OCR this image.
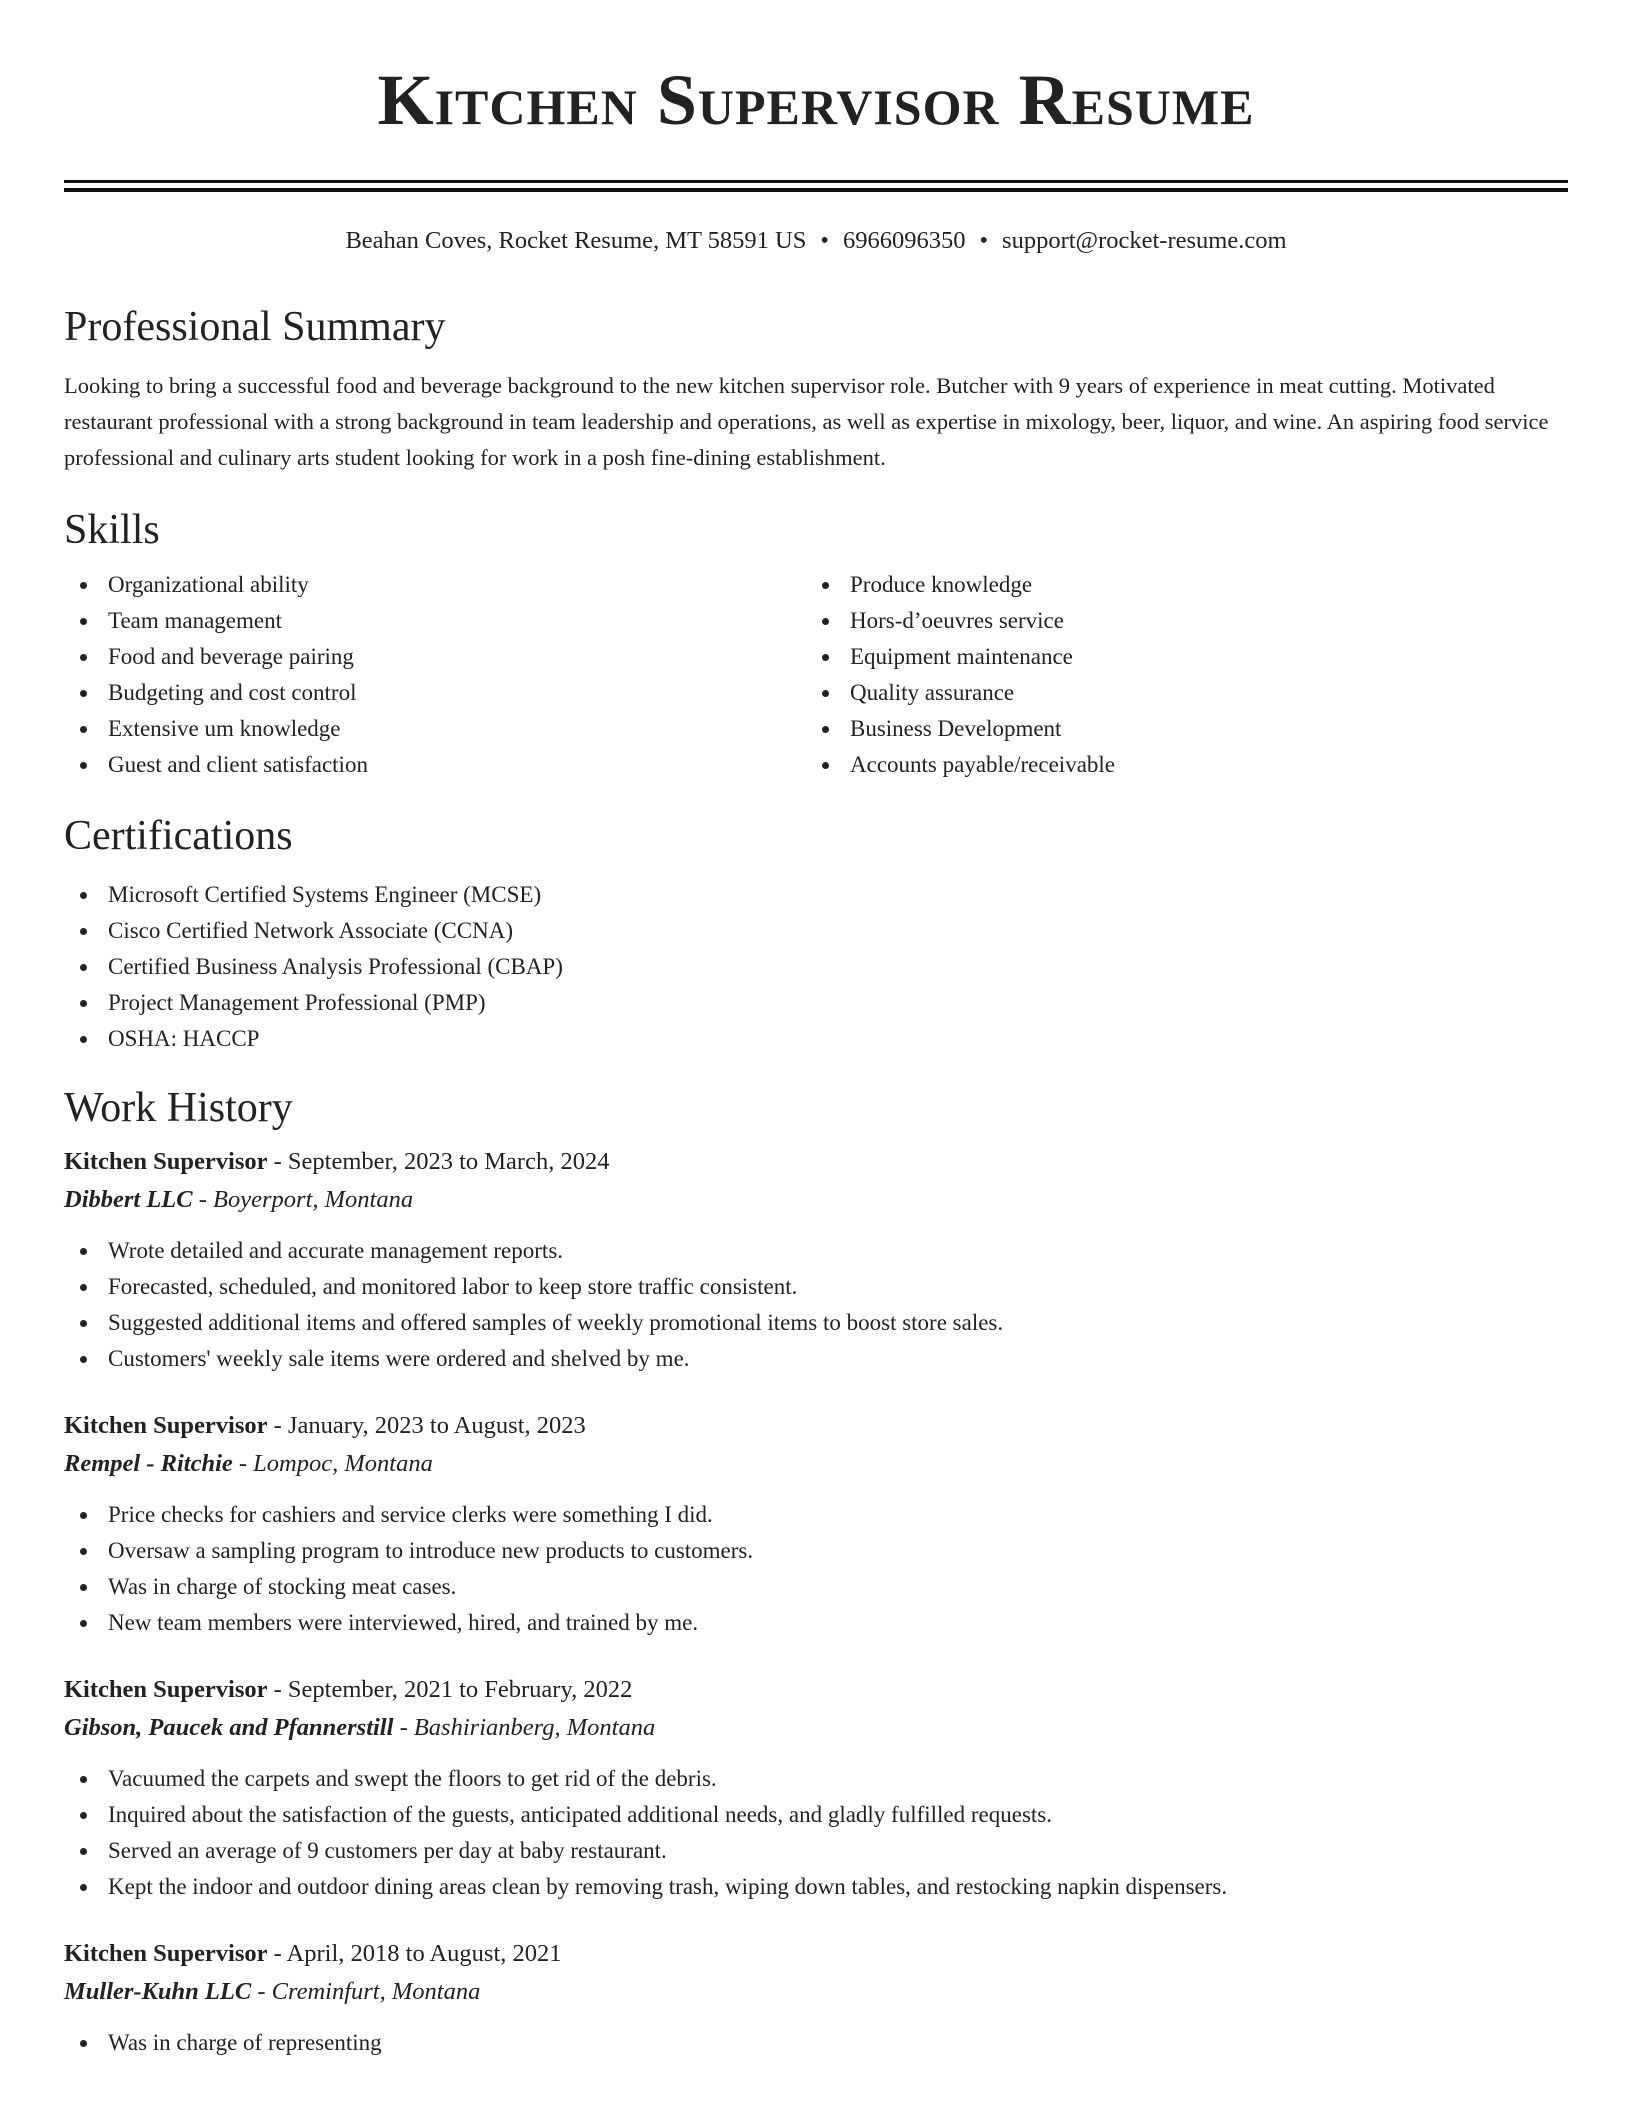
Kitchen Supervisor Resume
Beahan Coves, Rocket Resume, MT 58591 US • 6966096350 • support@rocket-resume.com
Professional Summary

Looking to bring a successful food and beverage background to the new kitchen supervisor role. Butcher with 9 years of experience in meat cutting. Motivated restaurant professional with a strong background in team leadership and operations, as well as expertise in mixology, beer, liquor, and wine. An aspiring food service professional and culinary arts student looking for work in a posh fine-dining establishment.

Skills
Organizational ability
Team management
Food and beverage pairing
Budgeting and cost control
Extensive um knowledge
Guest and client satisfaction
Produce knowledge
Hors-d’oeuvres service
Equipment maintenance
Quality assurance
Business Development
Accounts payable/receivable
Certifications
Microsoft Certified Systems Engineer (MCSE)
Cisco Certified Network Associate (CCNA)
Certified Business Analysis Professional (CBAP)
Project Management Professional (PMP)
OSHA: HACCP
Work History
Kitchen Supervisor - September, 2023 to March, 2024
Dibbert LLC - Boyerport, Montana
Wrote detailed and accurate management reports.
Forecasted, scheduled, and monitored labor to keep store traffic consistent.
Suggested additional items and offered samples of weekly promotional items to boost store sales.
Customers' weekly sale items were ordered and shelved by me.
Kitchen Supervisor - January, 2023 to August, 2023
Rempel - Ritchie - Lompoc, Montana
Price checks for cashiers and service clerks were something I did.
Oversaw a sampling program to introduce new products to customers.
Was in charge of stocking meat cases.
New team members were interviewed, hired, and trained by me.
Kitchen Supervisor - September, 2021 to February, 2022
Gibson, Paucek and Pfannerstill - Bashirianberg, Montana
Vacuumed the carpets and swept the floors to get rid of the debris.
Inquired about the satisfaction of the guests, anticipated additional needs, and gladly fulfilled requests.
Served an average of 9 customers per day at baby restaurant.
Kept the indoor and outdoor dining areas clean by removing trash, wiping down tables, and restocking napkin dispensers.
Kitchen Supervisor - April, 2018 to August, 2021
Muller-Kuhn LLC - Creminfurt, Montana
Was in charge of representing
